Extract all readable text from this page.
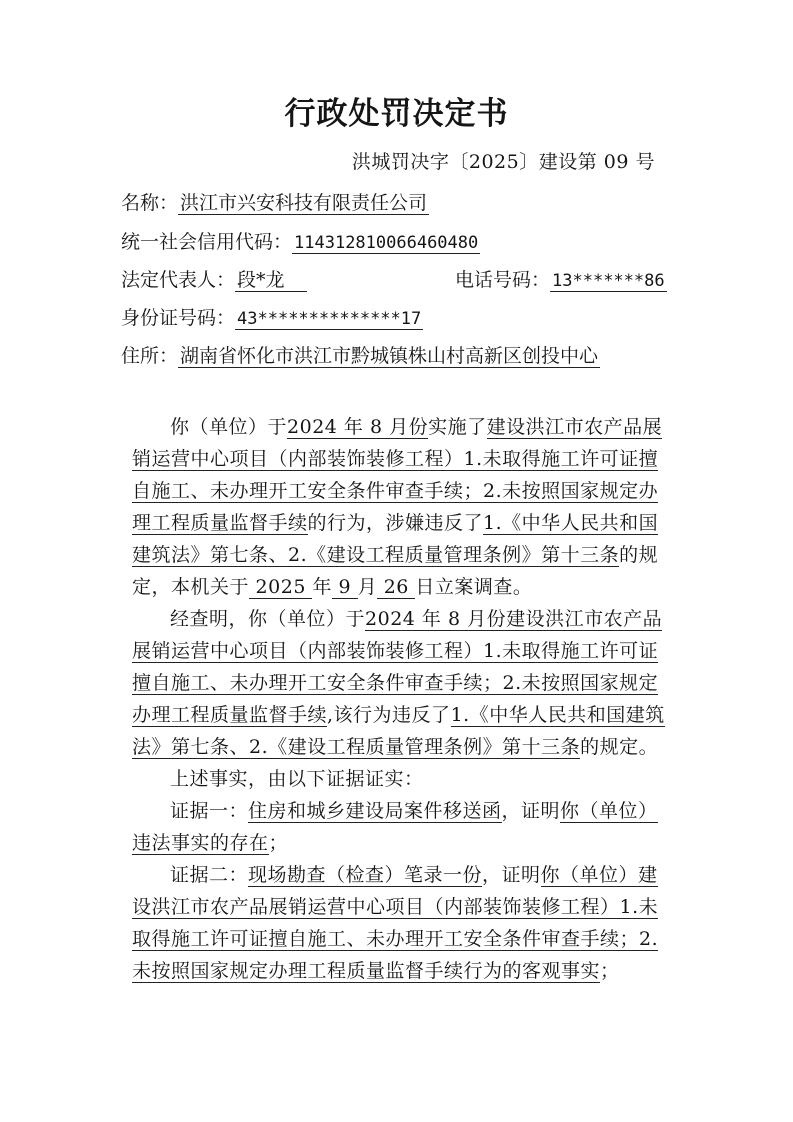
行政处罚决定书
洪城罚决字〔2025〕建设第 09 号
名称： 洪江市兴安科技有限责任公司
统一社会信用代码： 114312810066460480
法定代表人： 段*龙	电话号码： 13*******86
身份证号码： 43**************17
住所： 湖南省怀化市洪江市黔城镇株山村高新区创投中心

你（单位）于2024 年 8 月份实施了建设洪江市农产品展销运营中心项目（内部装饰装修工程）1.未取得施工许可证擅自施工、未办理开工安全条件审查手续；2.未按照国家规定办理工程质量监督手续的行为，涉嫌违反了1.《中华人民共和国建筑法》第七条、2.《建设工程质量管理条例》第十三条的规定，本机关于 2025 年 9 月 26 日立案调查。

经查明，你（单位）于2024 年 8 月份建设洪江市农产品展销运营中心项目（内部装饰装修工程）1.未取得施工许可证擅自施工、未办理开工安全条件审查手续；2.未按照国家规定办理工程质量监督手续,该行为违反了1.《中华人民共和国建筑法》第七条、2.《建设工程质量管理条例》第十三条的规定。

上述事实，由以下证据证实：

证据一：住房和城乡建设局案件移送函，证明你（单位）违法事实的存在；

证据二：现场勘查（检查）笔录一份，证明你（单位）建设洪江市农产品展销运营中心项目（内部装饰装修工程）1.未取得施工许可证擅自施工、未办理开工安全条件审查手续；2.未按照国家规定办理工程质量监督手续行为的客观事实；
